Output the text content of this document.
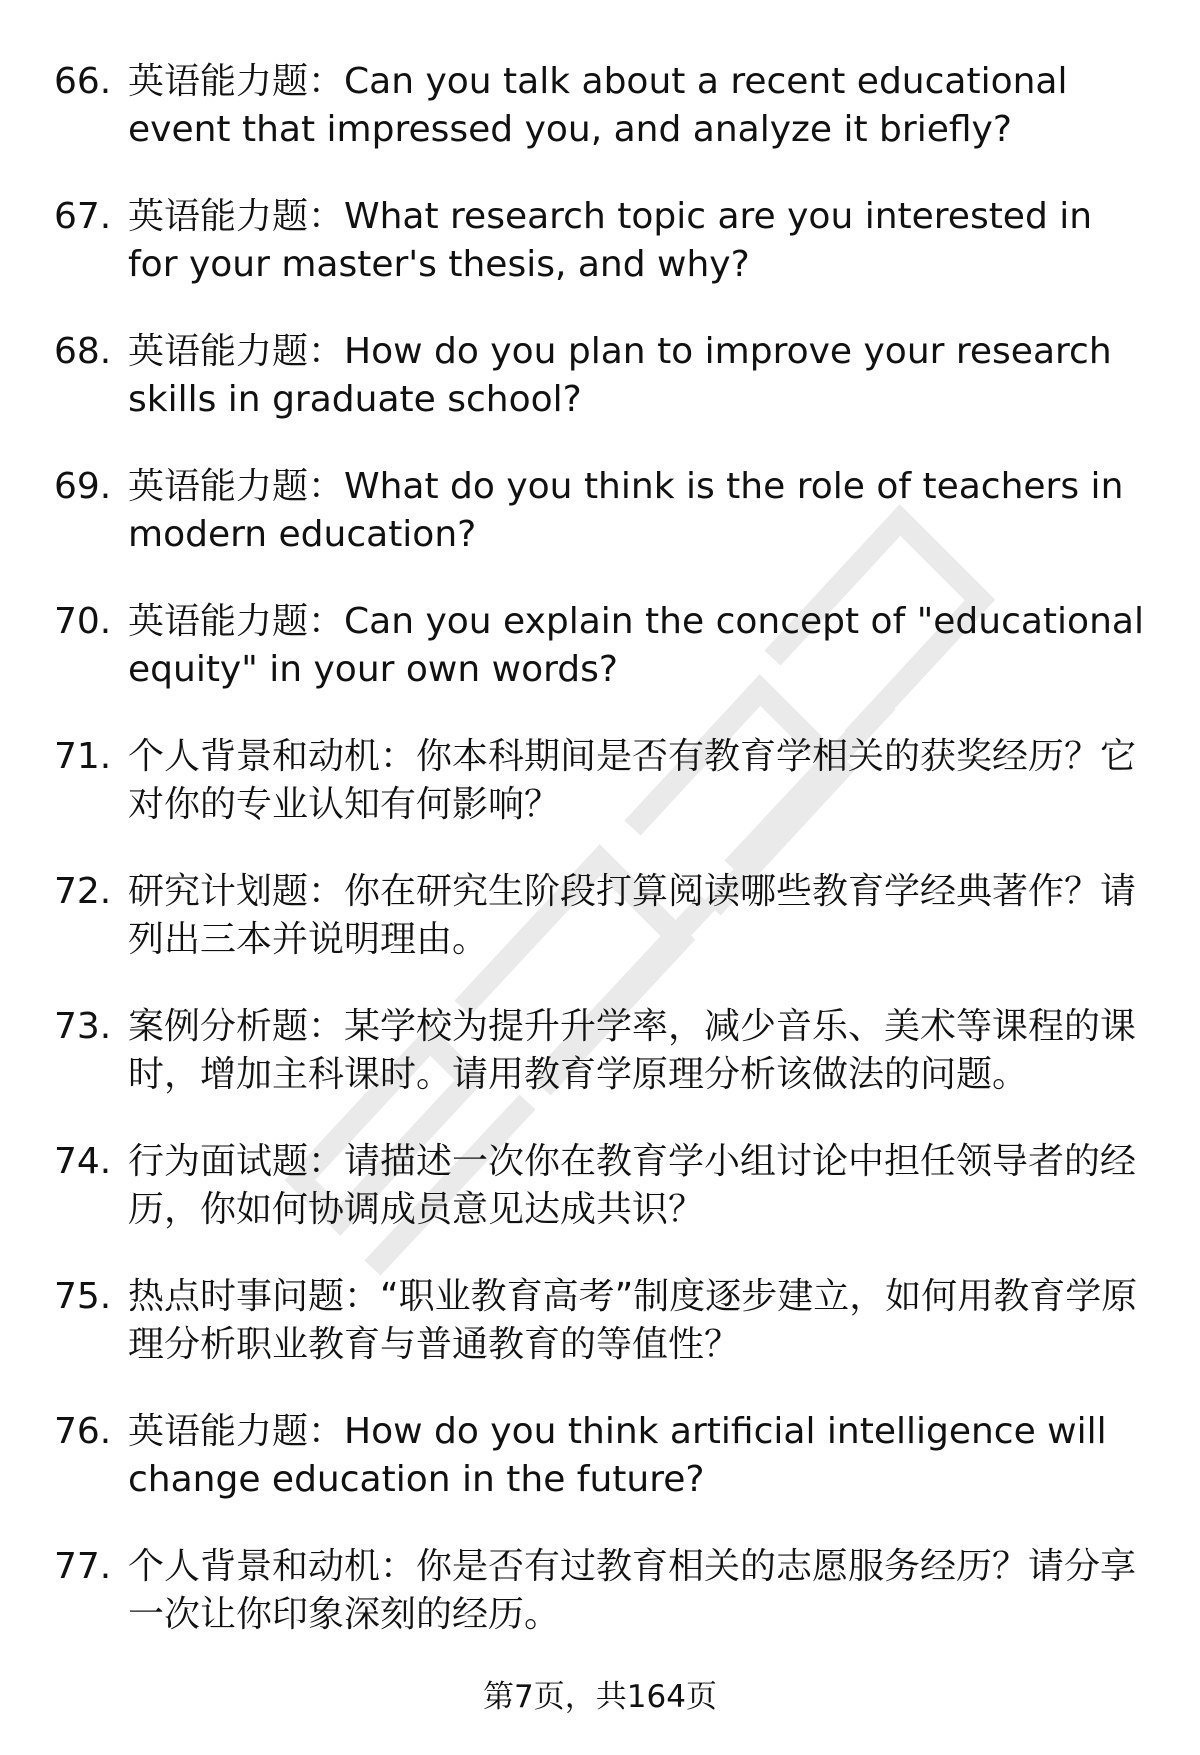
66. 英语能力题：Can you talk about a recent educational event that impressed you, and analyze it briefly?
67. 英语能力题：What research topic are you interested in for your master's thesis, and why?
68. 英语能力题：How do you plan to improve your research skills in graduate school?
69. 英语能力题：What do you think is the role of teachers in modern education?
70. 英语能力题：Can you explain the concept of "educational equity" in your own words?
71. 个人背景和动机：你本科期间是否有教育学相关的获奖经历？它对你的专业认知有何影响？
72. 研究计划题：你在研究生阶段打算阅读哪些教育学经典著作？请列出三本并说明理由。
73. 案例分析题：某学校为提升升学率，减少音乐、美术等课程的课时，增加主科课时。请用教育学原理分析该做法的问题。
74. 行为面试题：请描述一次你在教育学小组讨论中担任领导者的经历，你如何协调成员意见达成共识？
75. 热点时事问题：“职业教育高考”制度逐步建立，如何用教育学原理分析职业教育与普通教育的等值性？
76. 英语能力题：How do you think artificial intelligence will change education in the future?
77. 个人背景和动机：你是否有过教育相关的志愿服务经历？请分享一次让你印象深刻的经历。
第7页，共164页
